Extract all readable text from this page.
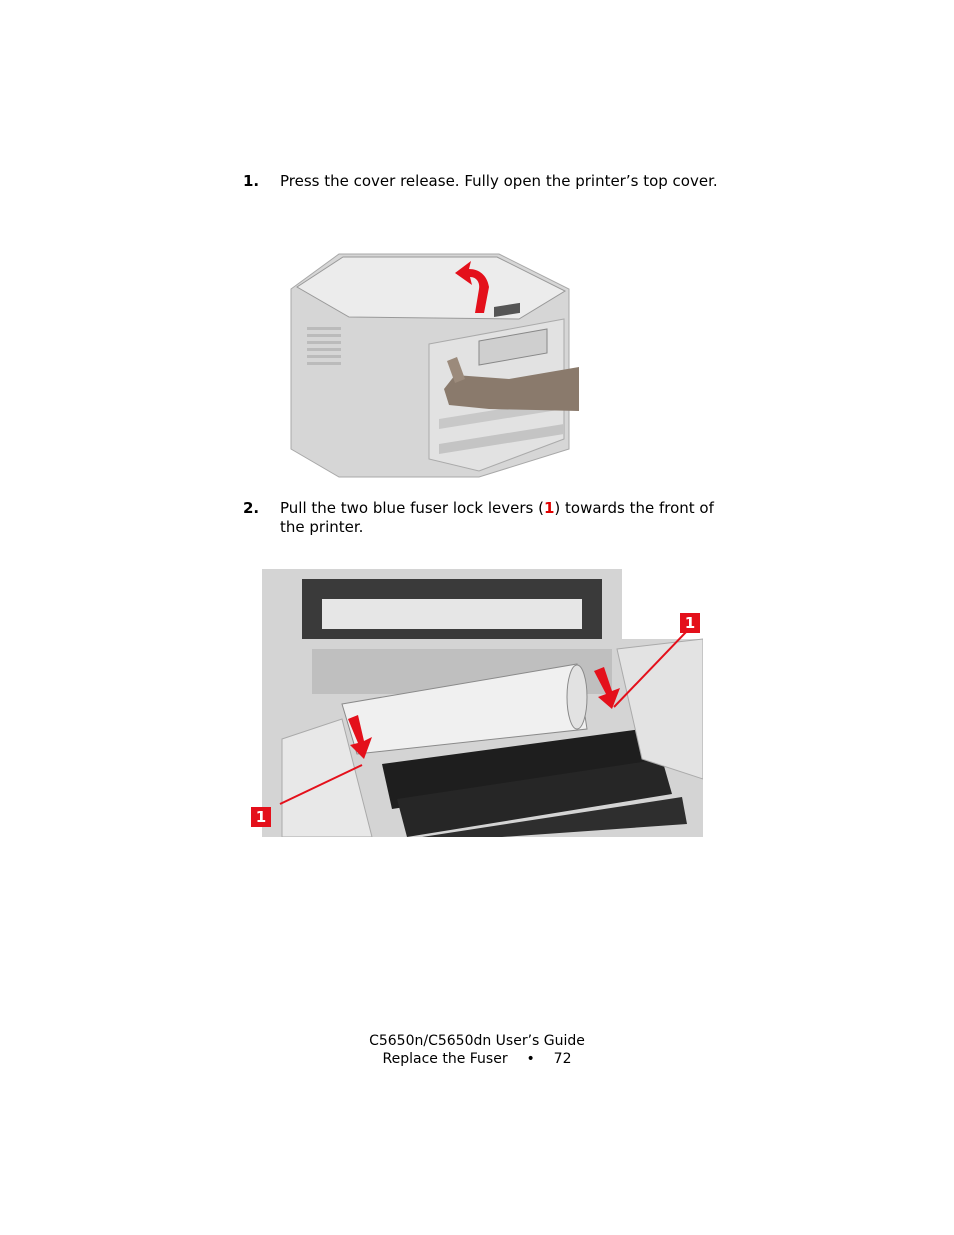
1. Press the cover release. Fully open the printer’s top cover.
2. Pull the two blue fuser lock levers (1) towards the front of the printer.
1
1
C5650n/C5650dn User’s Guide
Replace the Fuser • 72
